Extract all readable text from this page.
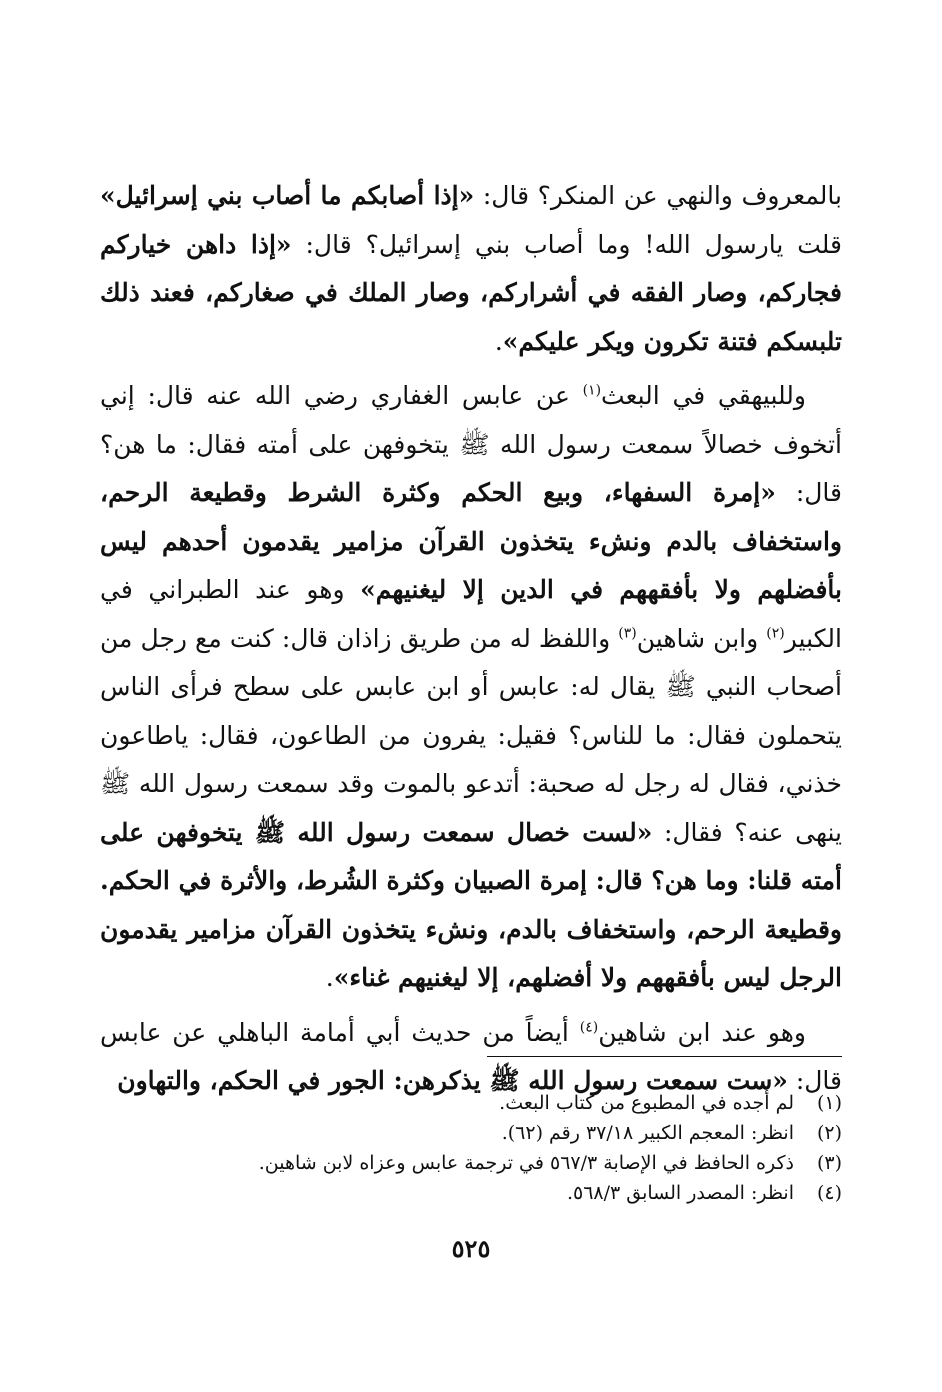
بالمعروف والنهي عن المنكر؟ قال: «إذا أصابكم ما أصاب بني إسرائيل» قلت يارسول الله! وما أصاب بني إسرائيل؟ قال: «إذا داهن خياركم فجاركم، وصار الفقه في أشراركم، وصار الملك في صغاركم، فعند ذلك تلبسكم فتنة تكرون ويكر عليكم».

وللبيهقي في البعث$^{(١)}$ عن عابس الغفاري رضي الله عنه قال: إني أتخوف خصالاً سمعت رسول الله ﷺ يتخوفهن على أمته فقال: ما هن؟ قال: «إمرة السفهاء، وبيع الحكم وكثرة الشرط وقطيعة الرحم، واستخفاف بالدم ونشء يتخذون القرآن مزامير يقدمون أحدهم ليس بأفضلهم ولا بأفقههم في الدين إلا ليغنيهم» وهو عند الطبراني في الكبير$^{(٢)}$ وابن شاهين$^{(٣)}$ واللفظ له من طريق زاذان قال: كنت مع رجل من أصحاب النبي ﷺ يقال له: عابس أو ابن عابس على سطح فرأى الناس يتحملون فقال: ما للناس؟ فقيل: يفرون من الطاعون، فقال: ياطاعون خذني، فقال له رجل له صحبة: أتدعو بالموت وقد سمعت رسول الله ﷺ ينهى عنه؟ فقال: «لست خصال سمعت رسول الله ﷺ يتخوفهن على أمته قلنا: وما هن؟ قال: إمرة الصبيان وكثرة الشُرط، والأثرة في الحكم. وقطيعة الرحم، واستخفاف بالدم، ونشء يتخذون القرآن مزامير يقدمون الرجل ليس بأفقههم ولا أفضلهم، إلا ليغنيهم غناء».

وهو عند ابن شاهين$^{(٤)}$ أيضاً من حديث أبي أمامة الباهلي عن عابس قال: «ست سمعت رسول الله ﷺ يذكرهن: الجور في الحكم، والتهاون

(١)
لم أجده في المطبوع من كتاب البعث.
(٢)
انظر: المعجم الكبير ٣٧/١٨ رقم (٦٢).
(٣)
ذكره الحافظ في الإصابة ٥٦٧/٣ في ترجمة عابس وعزاه لابن شاهين.
(٤)
انظر: المصدر السابق ٥٦٨/٣.
٥٢٥
